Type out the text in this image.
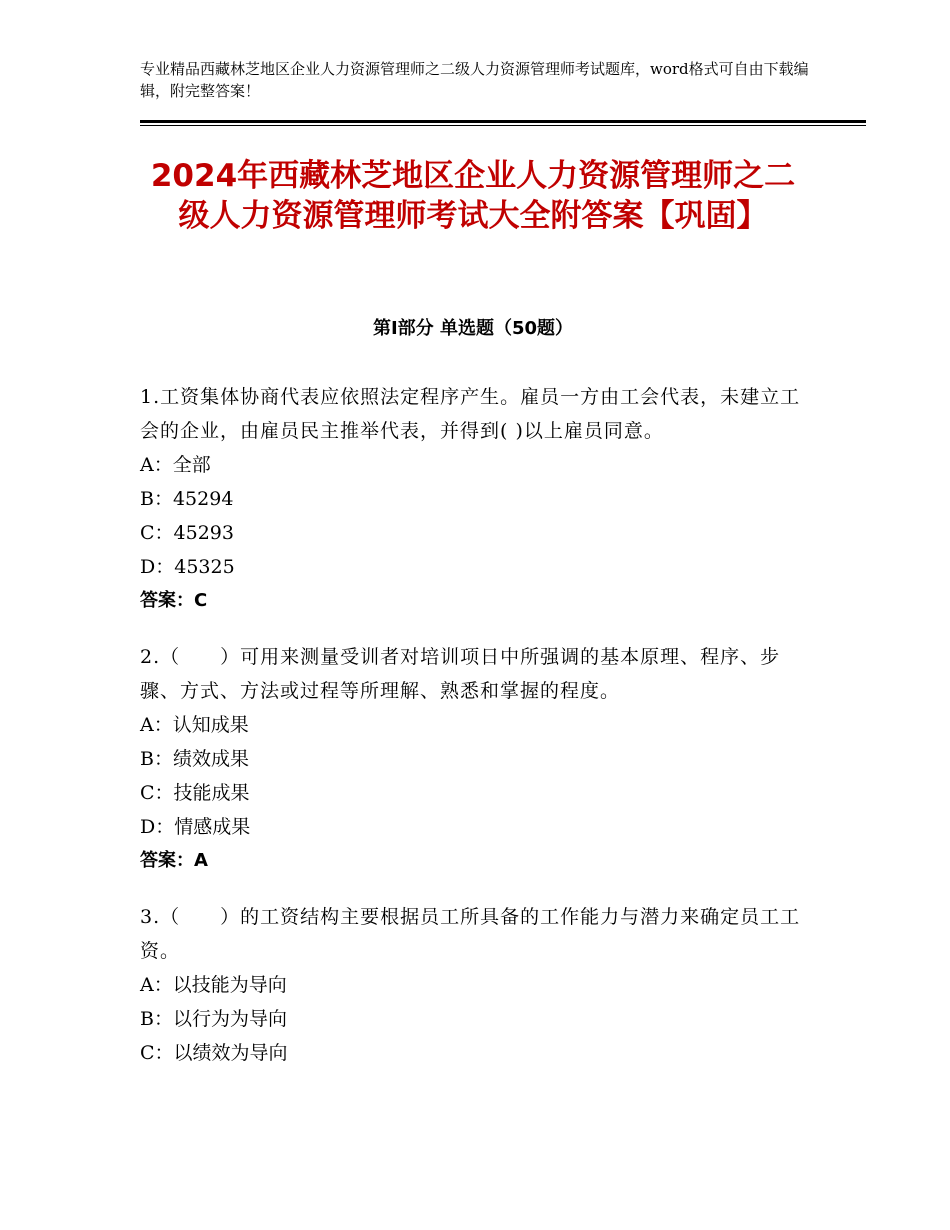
专业精品西藏林芝地区企业人力资源管理师之二级人力资源管理师考试题库，word格式可自由下载编辑，附完整答案！
2024年西藏林芝地区企业人力资源管理师之二级人力资源管理师考试大全附答案【巩固】
第Ⅰ部分 单选题（50题）
1.工资集体协商代表应依照法定程序产生。雇员一方由工会代表，未建立工会的企业，由雇员民主推举代表，并得到( )以上雇员同意。
A：全部
B：45294
C：45293
D：45325
答案：C
2.（　　）可用来测量受训者对培训项日中所强调的基本原理、程序、步骤、方式、方法或过程等所理解、熟悉和掌握的程度。
A：认知成果
B：绩效成果
C：技能成果
D：情感成果
答案：A
3.（　　）的工资结构主要根据员工所具备的工作能力与潜力来确定员工工资。
A：以技能为导向
B：以行为为导向
C：以绩效为导向
